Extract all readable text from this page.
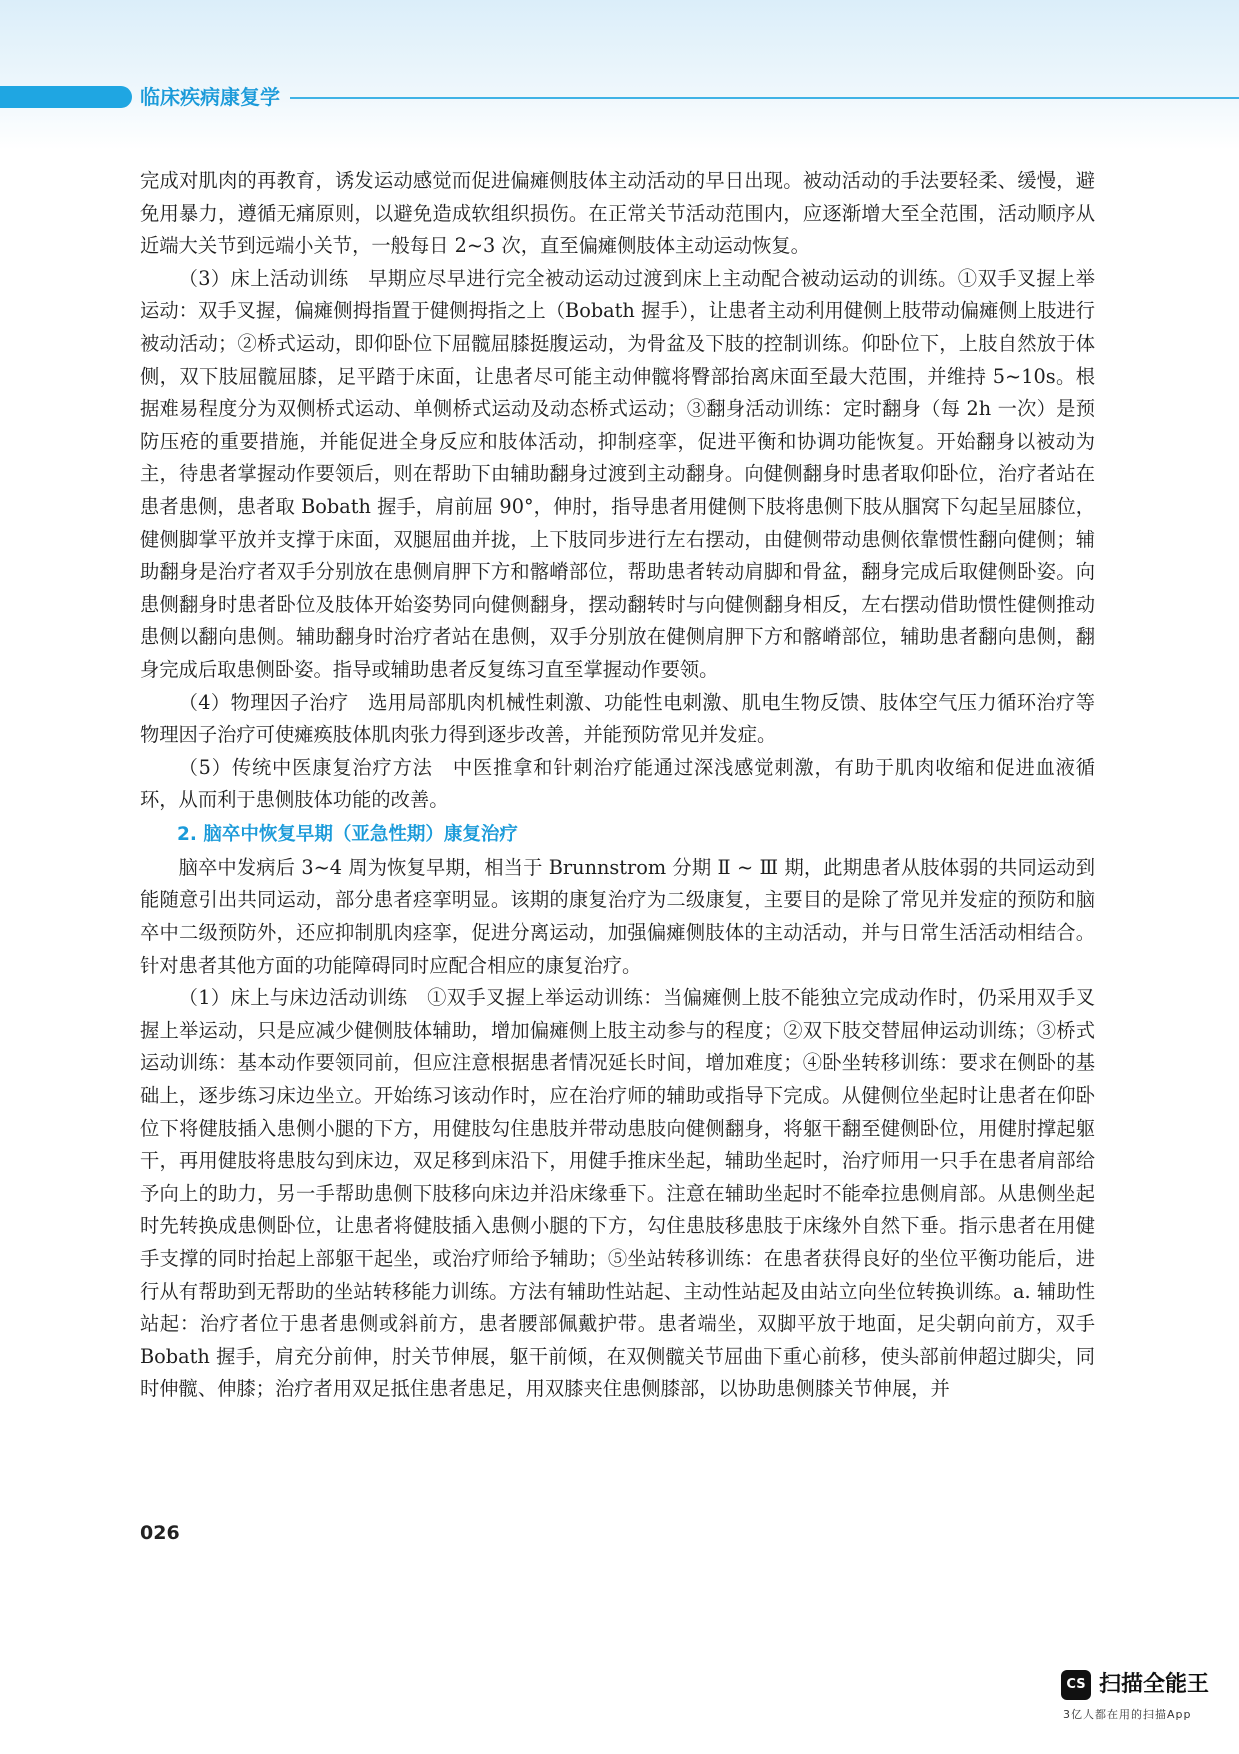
临床疾病康复学

完成对肌肉的再教育，诱发运动感觉而促进偏瘫侧肢体主动活动的早日出现。被动活动的手法要轻柔、缓慢，避免用暴力，遵循无痛原则，以避免造成软组织损伤。在正常关节活动范围内，应逐渐增大至全范围，活动顺序从近端大关节到远端小关节，一般每日 2~3 次，直至偏瘫侧肢体主动运动恢复。

（3）床上活动训练　早期应尽早进行完全被动运动过渡到床上主动配合被动运动的训练。①双手叉握上举运动：双手叉握，偏瘫侧拇指置于健侧拇指之上（Bobath 握手），让患者主动利用健侧上肢带动偏瘫侧上肢进行被动活动；②桥式运动，即仰卧位下屈髋屈膝挺腹运动，为骨盆及下肢的控制训练。仰卧位下，上肢自然放于体侧，双下肢屈髋屈膝，足平踏于床面，让患者尽可能主动伸髋将臀部抬离床面至最大范围，并维持 5~10s。根据难易程度分为双侧桥式运动、单侧桥式运动及动态桥式运动；③翻身活动训练：定时翻身（每 2h 一次）是预防压疮的重要措施，并能促进全身反应和肢体活动，抑制痉挛，促进平衡和协调功能恢复。开始翻身以被动为主，待患者掌握动作要领后，则在帮助下由辅助翻身过渡到主动翻身。向健侧翻身时患者取仰卧位，治疗者站在患者患侧，患者取 Bobath 握手，肩前屈 90°，伸肘，指导患者用健侧下肢将患侧下肢从腘窝下勾起呈屈膝位，健侧脚掌平放并支撑于床面，双腿屈曲并拢，上下肢同步进行左右摆动，由健侧带动患侧依靠惯性翻向健侧；辅助翻身是治疗者双手分别放在患侧肩胛下方和髂嵴部位，帮助患者转动肩脚和骨盆，翻身完成后取健侧卧姿。向患侧翻身时患者卧位及肢体开始姿势同向健侧翻身，摆动翻转时与向健侧翻身相反，左右摆动借助惯性健侧推动患侧以翻向患侧。辅助翻身时治疗者站在患侧，双手分别放在健侧肩胛下方和髂嵴部位，辅助患者翻向患侧，翻身完成后取患侧卧姿。指导或辅助患者反复练习直至掌握动作要领。

（4）物理因子治疗　选用局部肌肉机械性刺激、功能性电刺激、肌电生物反馈、肢体空气压力循环治疗等物理因子治疗可使瘫痪肢体肌肉张力得到逐步改善，并能预防常见并发症。

（5）传统中医康复治疗方法　中医推拿和针刺治疗能通过深浅感觉刺激，有助于肌肉收缩和促进血液循环，从而利于患侧肢体功能的改善。

2. 脑卒中恢复早期（亚急性期）康复治疗

脑卒中发病后 3~4 周为恢复早期，相当于 Brunnstrom 分期 Ⅱ ~ Ⅲ 期，此期患者从肢体弱的共同运动到能随意引出共同运动，部分患者痉挛明显。该期的康复治疗为二级康复，主要目的是除了常见并发症的预防和脑卒中二级预防外，还应抑制肌肉痉挛，促进分离运动，加强偏瘫侧肢体的主动活动，并与日常生活活动相结合。针对患者其他方面的功能障碍同时应配合相应的康复治疗。

（1）床上与床边活动训练　①双手叉握上举运动训练：当偏瘫侧上肢不能独立完成动作时，仍采用双手叉握上举运动，只是应减少健侧肢体辅助，增加偏瘫侧上肢主动参与的程度；②双下肢交替屈伸运动训练；③桥式运动训练：基本动作要领同前，但应注意根据患者情况延长时间，增加难度；④卧坐转移训练：要求在侧卧的基础上，逐步练习床边坐立。开始练习该动作时，应在治疗师的辅助或指导下完成。从健侧位坐起时让患者在仰卧位下将健肢插入患侧小腿的下方，用健肢勾住患肢并带动患肢向健侧翻身，将躯干翻至健侧卧位，用健肘撑起躯干，再用健肢将患肢勾到床边，双足移到床沿下，用健手推床坐起，辅助坐起时，治疗师用一只手在患者肩部给予向上的助力，另一手帮助患侧下肢移向床边并沿床缘垂下。注意在辅助坐起时不能牵拉患侧肩部。从患侧坐起时先转换成患侧卧位，让患者将健肢插入患侧小腿的下方，勾住患肢移患肢于床缘外自然下垂。指示患者在用健手支撑的同时抬起上部躯干起坐，或治疗师给予辅助；⑤坐站转移训练：在患者获得良好的坐位平衡功能后，进行从有帮助到无帮助的坐站转移能力训练。方法有辅助性站起、主动性站起及由站立向坐位转换训练。a. 辅助性站起：治疗者位于患者患侧或斜前方，患者腰部佩戴护带。患者端坐，双脚平放于地面，足尖朝向前方，双手 Bobath 握手，肩充分前伸，肘关节伸展，躯干前倾，在双侧髋关节屈曲下重心前移，使头部前伸超过脚尖，同时伸髋、伸膝；治疗者用双足抵住患者患足，用双膝夹住患侧膝部，以协助患侧膝关节伸展，并

026
CS 扫描全能王
3亿人都在用的扫描App
